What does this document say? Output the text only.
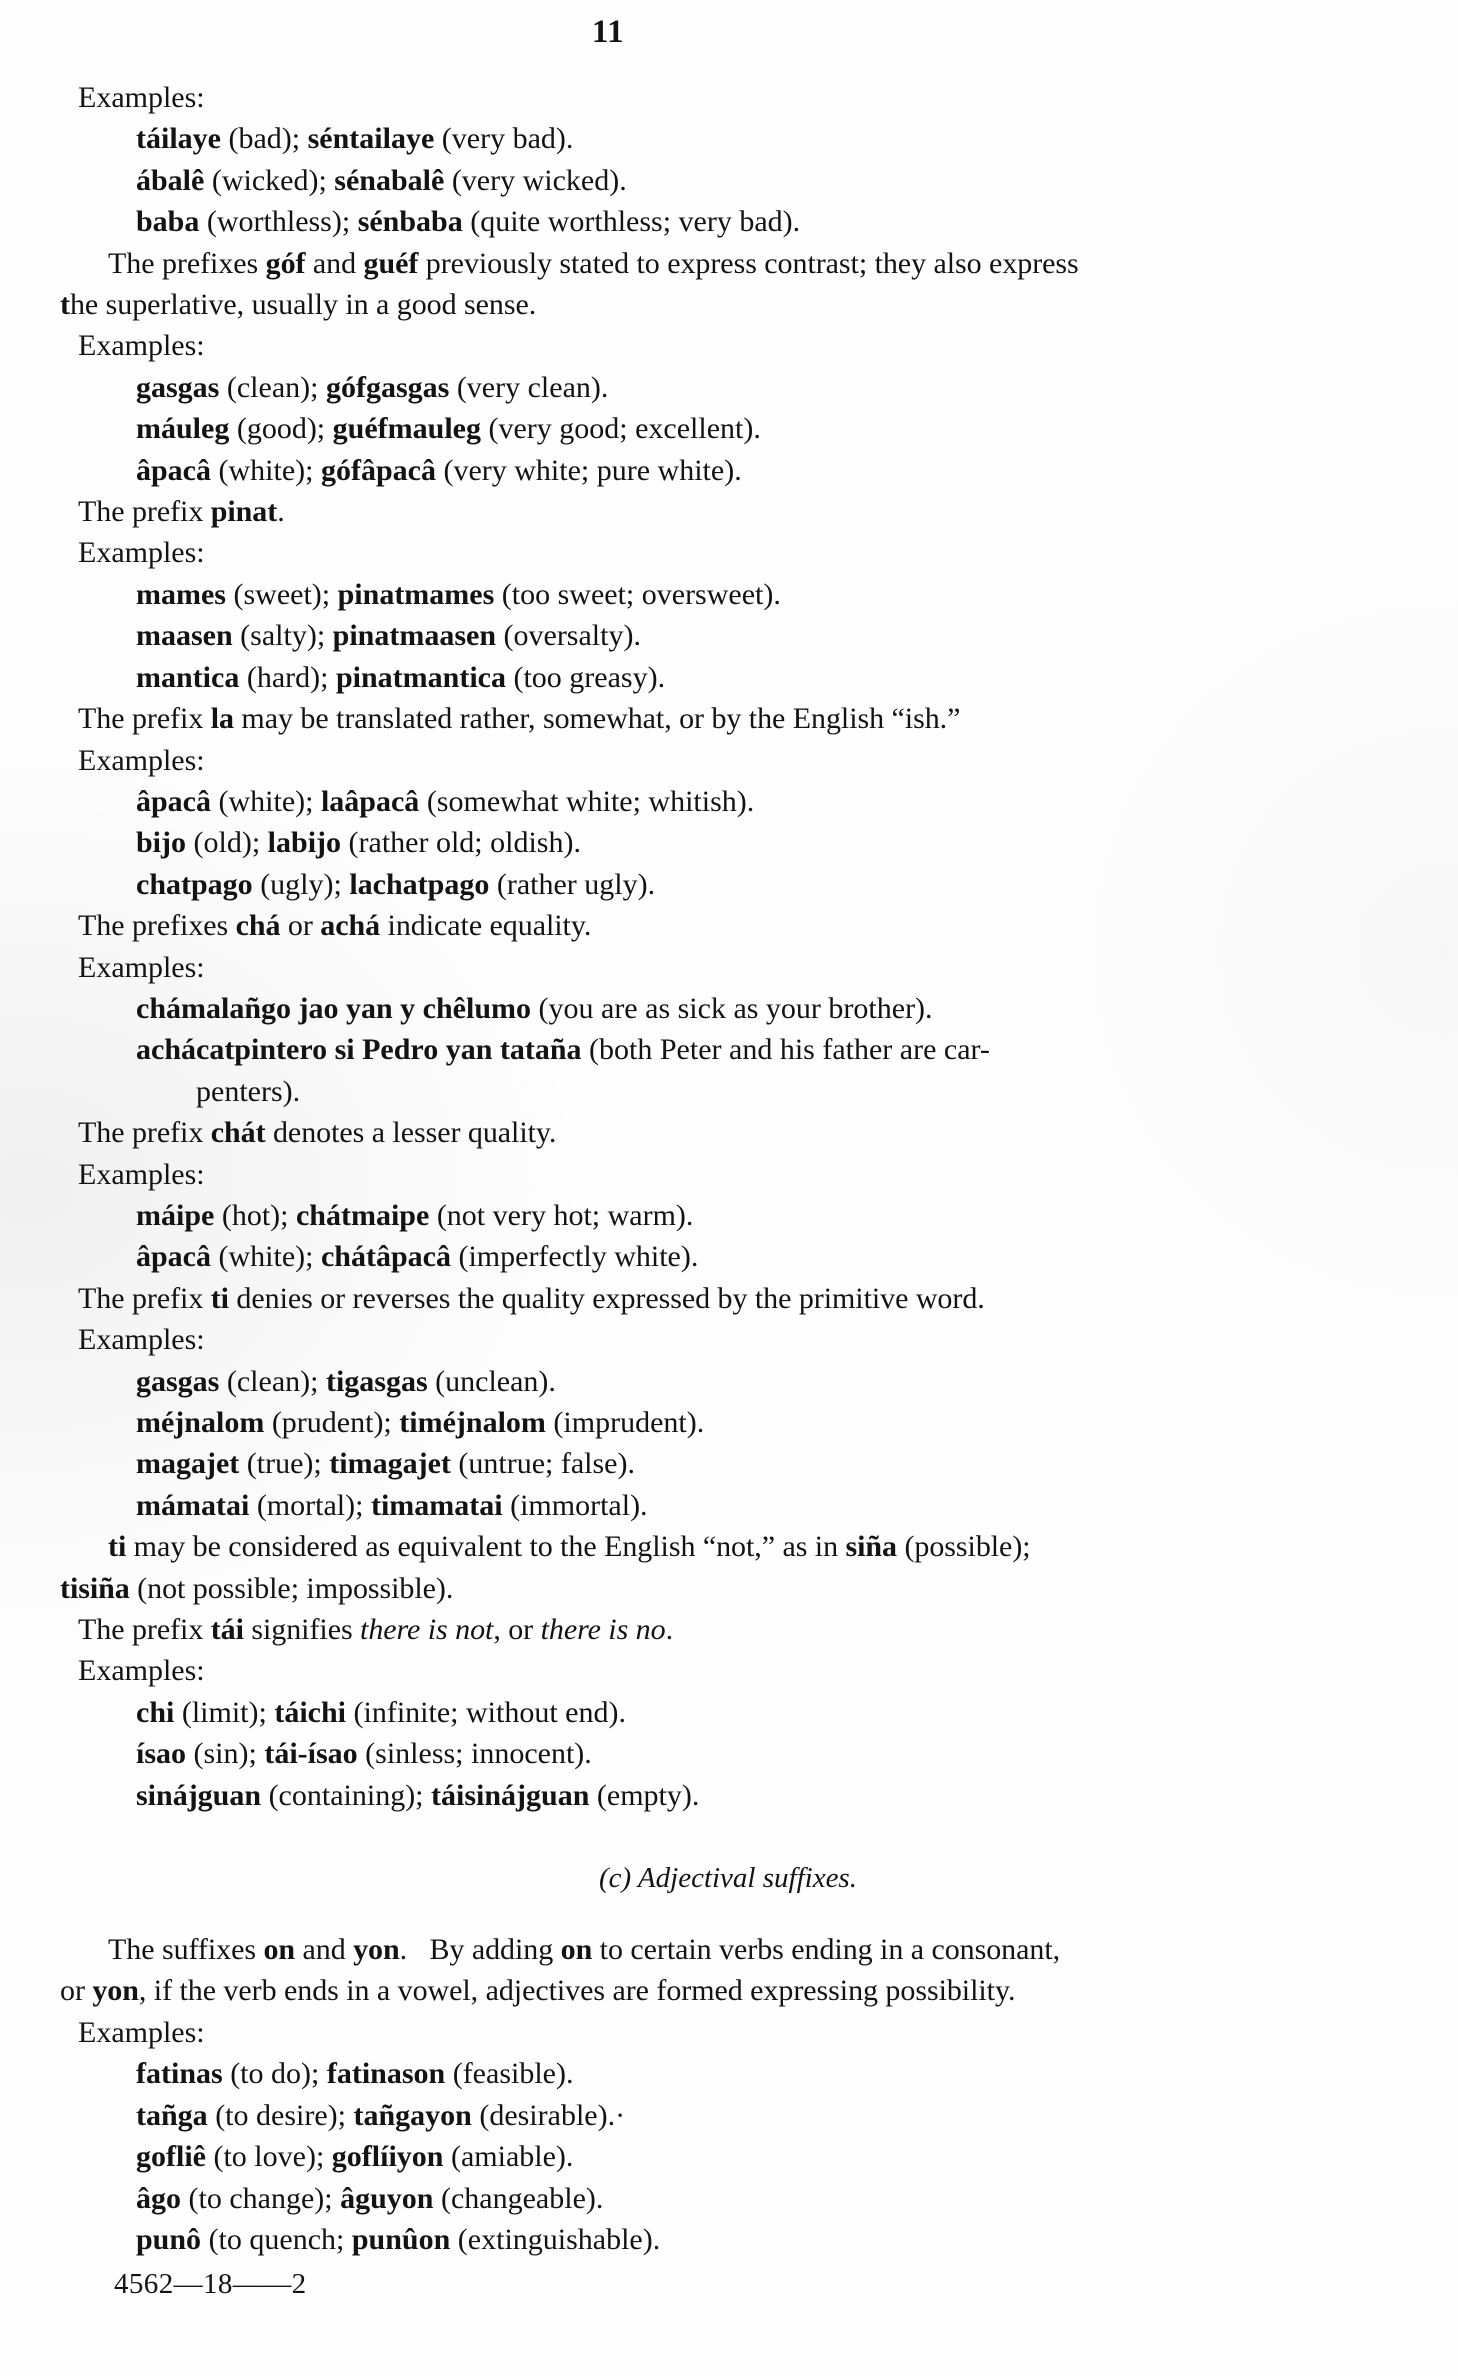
11
Examples:
táilaye (bad); séntailaye (very bad).
ábalê (wicked); sénabalê (very wicked).
baba (worthless); sénbaba (quite worthless; very bad).
The prefixes góf and guéf previously stated to express contrast; they also express
the superlative, usually in a good sense.
Examples:
gasgas (clean); gófgasgas (very clean).
máuleg (good); guéfmauleg (very good; excellent).
âpacâ (white); gófâpacâ (very white; pure white).
The prefix pinat.
Examples:
mames (sweet); pinatmames (too sweet; oversweet).
maasen (salty); pinatmaasen (oversalty).
mantica (hard); pinatmantica (too greasy).
The prefix la may be translated rather, somewhat, or by the English “ish.”
Examples:
âpacâ (white); laâpacâ (somewhat white; whitish).
bijo (old); labijo (rather old; oldish).
chatpago (ugly); lachatpago (rather ugly).
The prefixes chá or achá indicate equality.
Examples:
chámalañgo jao yan y chêlumo (you are as sick as your brother).
achácatpintero si Pedro yan tataña (both Peter and his father are car-
penters).
The prefix chát denotes a lesser quality.
Examples:
máipe (hot); chátmaipe (not very hot; warm).
âpacâ (white); chátâpacâ (imperfectly white).
The prefix ti denies or reverses the quality expressed by the primitive word.
Examples:
gasgas (clean); tigasgas (unclean).
méjnalom (prudent); timéjnalom (imprudent).
magajet (true); timagajet (untrue; false).
mámatai (mortal); timamatai (immortal).
ti may be considered as equivalent to the English “not,” as in siña (possible);
tisiña (not possible; impossible).
The prefix tái signifies there is not, or there is no.
Examples:
chi (limit); táichi (infinite; without end).
ísao (sin); tái-ísao (sinless; innocent).
sinájguan (containing); táisinájguan (empty).
(c) Adjectival suffixes.
The suffixes on and yon.   By adding on to certain verbs ending in a consonant,
or yon, if the verb ends in a vowel, adjectives are formed expressing possibility.
Examples:
fatinas (to do); fatinason (feasible).
tañga (to desire); tañgayon (desirable).·
gofliê (to love); goflíiyon (amiable).
âgo (to change); âguyon (changeable).
punô (to quench; punûon (extinguishable).
4562—18——2
